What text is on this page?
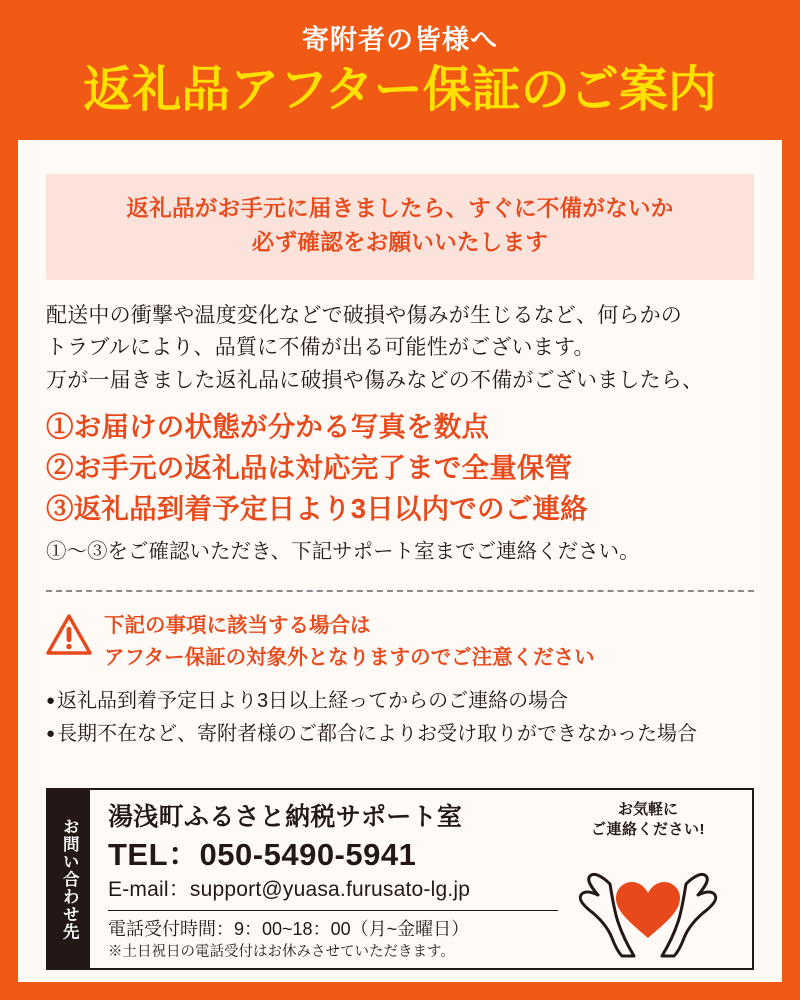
寄附者の皆様へ
返礼品アフター保証のご案内
返礼品がお手元に届きましたら、すぐに不備がないか
必ず確認をお願いいたします
配送中の衝撃や温度変化などで破損や傷みが生じるなど、何らかの
トラブルにより、品質に不備が出る可能性がございます。
万が一届きました返礼品に破損や傷みなどの不備がございましたら、
①お届けの状態が分かる写真を数点
②お手元の返礼品は対応完了まで全量保管
③返礼品到着予定日より3日以内でのご連絡
①〜③をご確認いただき、下記サポート室までご連絡ください。
下記の事項に該当する場合は
アフター保証の対象外となりますのでご注意ください
● 返礼品到着予定日より3日以上経ってからのご連絡の場合
● 長期不在など、寄附者様のご都合によりお受け取りができなかった場合
お問い合わせ先
湯浅町ふるさと納税サポート室
TEL：050-5490-5941
E-mail：support@yuasa.furusato-lg.jp
電話受付時間：9：00~18：00（月~金曜日）
※土日祝日の電話受付はお休みさせていただきます。
お気軽に
ご連絡ください!
